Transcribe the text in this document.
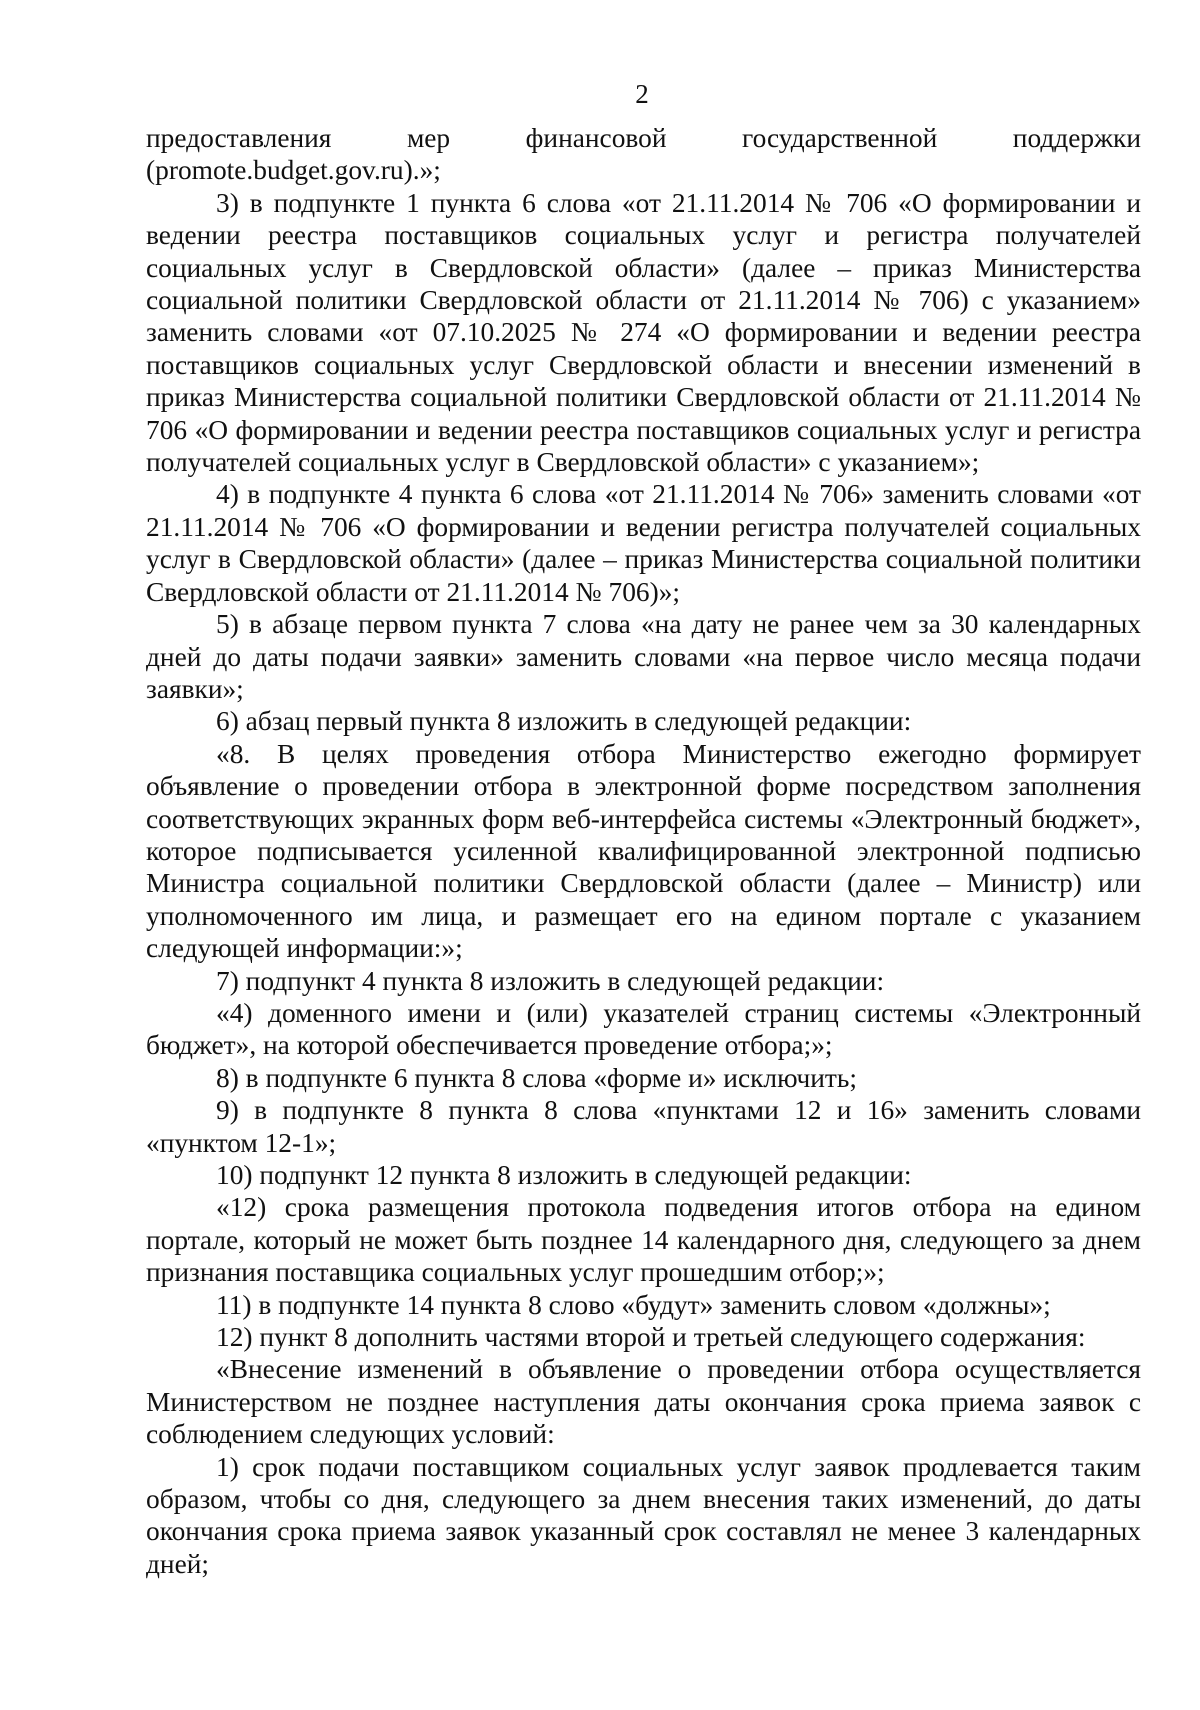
2

предоставления мер финансовой государственной поддержки (promote.budget.gov.ru).»;

3) в подпункте 1 пункта 6 слова «от 21.11.2014 № 706 «О формировании и ведении реестра поставщиков социальных услуг и регистра получателей социальных услуг в Свердловской области» (далее – приказ Министерства социальной политики Свердловской области от 21.11.2014 № 706) с указанием» заменить словами «от 07.10.2025 № 274 «О формировании и ведении реестра поставщиков социальных услуг Свердловской области и внесении изменений в приказ Министерства социальной политики Свердловской области от 21.11.2014 № 706 «О формировании и ведении реестра поставщиков социальных услуг и регистра получателей социальных услуг в Свердловской области» с указанием»;

4) в подпункте 4 пункта 6 слова «от 21.11.2014 № 706» заменить словами «от 21.11.2014 № 706 «О формировании и ведении регистра получателей социальных услуг в Свердловской области» (далее – приказ Министерства социальной политики Свердловской области от 21.11.2014 № 706)»;

5) в абзаце первом пункта 7 слова «на дату не ранее чем за 30 календарных дней до даты подачи заявки» заменить словами «на первое число месяца подачи заявки»;

6) абзац первый пункта 8 изложить в следующей редакции:

«8. В целях проведения отбора Министерство ежегодно формирует объявление о проведении отбора в электронной форме посредством заполнения соответствующих экранных форм веб-интерфейса системы «Электронный бюджет», которое подписывается усиленной квалифицированной электронной подписью Министра социальной политики Свердловской области (далее – Министр) или уполномоченного им лица, и размещает его на едином портале с указанием следующей информации:»;

7) подпункт 4 пункта 8 изложить в следующей редакции:

«4) доменного имени и (или) указателей страниц системы «Электронный бюджет», на которой обеспечивается проведение отбора;»;

8) в подпункте 6 пункта 8 слова «форме и» исключить;

9) в подпункте 8 пункта 8 слова «пунктами 12 и 16» заменить словами «пунктом 12-1»;

10) подпункт 12 пункта 8 изложить в следующей редакции:

«12) срока размещения протокола подведения итогов отбора на едином портале, который не может быть позднее 14 календарного дня, следующего за днем признания поставщика социальных услуг прошедшим отбор;»;

11) в подпункте 14 пункта 8 слово «будут» заменить словом «должны»;

12) пункт 8 дополнить частями второй и третьей следующего содержания:

«Внесение изменений в объявление о проведении отбора осуществляется Министерством не позднее наступления даты окончания срока приема заявок с соблюдением следующих условий:

1) срок подачи поставщиком социальных услуг заявок продлевается таким образом, чтобы со дня, следующего за днем внесения таких изменений, до даты окончания срока приема заявок указанный срок составлял не менее 3 календарных дней;
